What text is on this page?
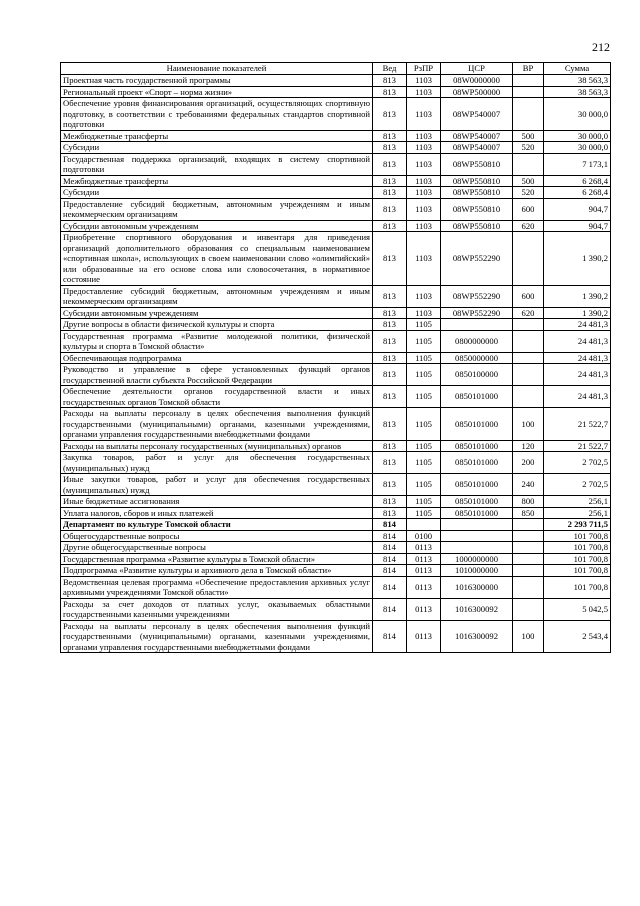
212
Наименование показателей	Вед	РзПР	ЦСР	ВР	Сумма
Проектная часть государственной программы	813	1103	08W0000000		38 563,3
Региональный проект «Спорт – норма жизни»	813	1103	08WP500000		38 563,3
Обеспечение уровня финансирования организаций, осуществляющих спортивную подготовку, в соответствии с требованиями федеральных стандартов спортивной подготовки	813	1103	08WP540007		30 000,0
Межбюджетные трансферты	813	1103	08WP540007	500	30 000,0
Субсидии	813	1103	08WP540007	520	30 000,0
Государственная поддержка организаций, входящих в систему спортивной подготовки	813	1103	08WP550810		7 173,1
Межбюджетные трансферты	813	1103	08WP550810	500	6 268,4
Субсидии	813	1103	08WP550810	520	6 268,4
Предоставление субсидий бюджетным, автономным учреждениям и иным некоммерческим организациям	813	1103	08WP550810	600	904,7
Субсидии автономным учреждениям	813	1103	08WP550810	620	904,7
Приобретение спортивного оборудования и инвентаря для приведения организаций дополнительного образования со специальным наименованием «спортивная школа», использующих в своем наименовании слово «олимпийский» или образованные на его основе слова или словосочетания, в нормативное состояние	813	1103	08WP552290		1 390,2
Предоставление субсидий бюджетным, автономным учреждениям и иным некоммерческим организациям	813	1103	08WP552290	600	1 390,2
Субсидии автономным учреждениям	813	1103	08WP552290	620	1 390,2
Другие вопросы в области физической культуры и спорта	813	1105			24 481,3
Государственная программа «Развитие молодежной политики, физической культуры и спорта в Томской области»	813	1105	0800000000		24 481,3
Обеспечивающая подпрограмма	813	1105	0850000000		24 481,3
Руководство и управление в сфере установленных функций органов государственной власти субъекта Российской Федерации	813	1105	0850100000		24 481,3
Обеспечение деятельности органов государственной власти и иных государственных органов Томской области	813	1105	0850101000		24 481,3
Расходы на выплаты персоналу в целях обеспечения выполнения функций государственными (муниципальными) органами, казенными учреждениями, органами управления государственными внебюджетными фондами	813	1105	0850101000	100	21 522,7
Расходы на выплаты персоналу государственных (муниципальных) органов	813	1105	0850101000	120	21 522,7
Закупка товаров, работ и услуг для обеспечения государственных (муниципальных) нужд	813	1105	0850101000	200	2 702,5
Иные закупки товаров, работ и услуг для обеспечения государственных (муниципальных) нужд	813	1105	0850101000	240	2 702,5
Иные бюджетные ассигнования	813	1105	0850101000	800	256,1
Уплата налогов, сборов и иных платежей	813	1105	0850101000	850	256,1
Департамент по культуре Томской области	814				2 293 711,5
Общегосударственные вопросы	814	0100			101 700,8
Другие общегосударственные вопросы	814	0113			101 700,8
Государственная программа «Развитие культуры в Томской области»	814	0113	1000000000		101 700,8
Подпрограмма «Развитие культуры и архивного дела в Томской области»	814	0113	1010000000		101 700,8
Ведомственная целевая программа «Обеспечение предоставления архивных услуг архивными учреждениями Томской области»	814	0113	1016300000		101 700,8
Расходы за счет доходов от платных услуг, оказываемых областными государственными казенными учреждениями	814	0113	1016300092		5 042,5
Расходы на выплаты персоналу в целях обеспечения выполнения функций государственными (муниципальными) органами, казенными учреждениями, органами управления государственными внебюджетными фондами	814	0113	1016300092	100	2 543,4
